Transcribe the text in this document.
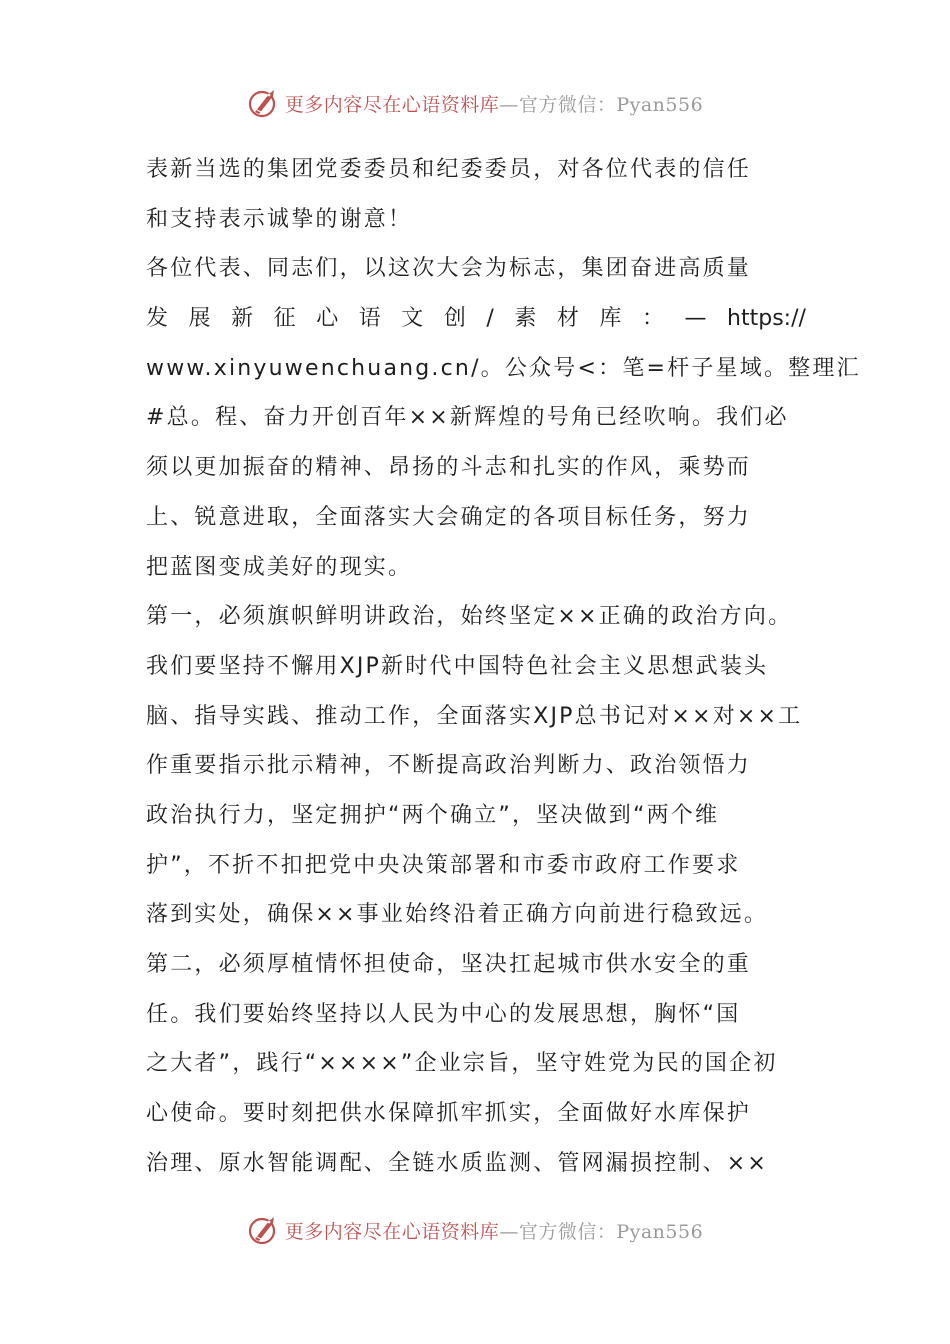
更多内容尽在心语资料库—官方微信：Pyan556
表新当选的集团党委委员和纪委委员，对各位代表的信任
和支持表示诚挚的谢意！
各位代表、同志们，以这次大会为标志，集团奋进高质量
发 展 新 征 心 语 文 创 / 素 材 库 ： — https://
www.xinyuwenchuang.cn/。公众号<：笔=杆子星域。整理汇
#总。程、奋力开创百年××新辉煌的号角已经吹响。我们必
须以更加振奋的精神、昂扬的斗志和扎实的作风，乘势而
上、锐意进取，全面落实大会确定的各项目标任务，努力
把蓝图变成美好的现实。
第一，必须旗帜鲜明讲政治，始终坚定××正确的政治方向。
我们要坚持不懈用XJP新时代中国特色社会主义思想武装头
脑、指导实践、推动工作，全面落实XJP总书记对××对××工
作重要指示批示精神，不断提高政治判断力、政治领悟力
政治执行力，坚定拥护“两个确立”，坚决做到“两个维
护”，不折不扣把党中央决策部署和市委市政府工作要求
落到实处，确保××事业始终沿着正确方向前进行稳致远。
第二，必须厚植情怀担使命，坚决扛起城市供水安全的重
任。我们要始终坚持以人民为中心的发展思想，胸怀“国
之大者”，践行“××××”企业宗旨，坚守姓党为民的国企初
心使命。要时刻把供水保障抓牢抓实，全面做好水库保护
治理、原水智能调配、全链水质监测、管网漏损控制、××
更多内容尽在心语资料库—官方微信：Pyan556
